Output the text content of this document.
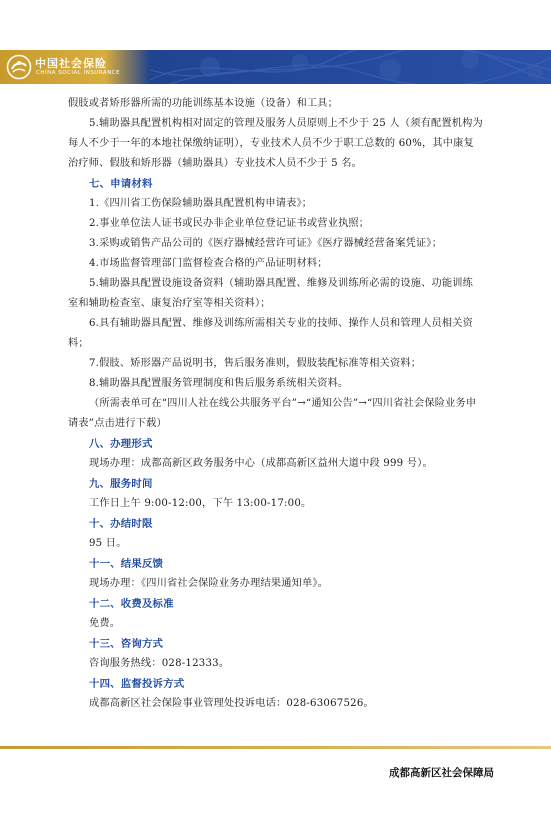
中国社会保险
CHINA SOCIAL INSURANCE

假肢或者矫形器所需的功能训练基本设施（设备）和工具；

5.辅助器具配置机构相对固定的管理及服务人员原则上不少于 25 人（须有配置机构为每人不少于一年的本地社保缴纳证明），专业技术人员不少于职工总数的 60%，其中康复治疗师、假肢和矫形器（辅助器具）专业技术人员不少于 5 名。

七、申请材料

1.《四川省工伤保险辅助器具配置机构申请表》；

2.事业单位法人证书或民办非企业单位登记证书或营业执照；

3.采购或销售产品公司的《医疗器械经营许可证》《医疗器械经营备案凭证》；

4.市场监督管理部门监督检查合格的产品证明材料；

5.辅助器具配置设施设备资料（辅助器具配置、维修及训练所必需的设施、功能训练室和辅助检查室、康复治疗室等相关资料）；

6.具有辅助器具配置、维修及训练所需相关专业的技师、操作人员和管理人员相关资料；

7.假肢、矫形器产品说明书，售后服务准则，假肢装配标准等相关资料；

8.辅助器具配置服务管理制度和售后服务系统相关资料。

（所需表单可在“四川人社在线公共服务平台”→“通知公告”→“四川省社会保险业务申请表”点击进行下载）

八、办理形式

现场办理：成都高新区政务服务中心（成都高新区益州大道中段 999 号）。

九、服务时间

工作日上午 9:00-12:00，下午 13:00-17:00。

十、办结时限

95 日。

十一、结果反馈

现场办理：《四川省社会保险业务办理结果通知单》。

十二、收费及标准

免费。

十三、咨询方式

咨询服务热线：028-12333。

十四、监督投诉方式

成都高新区社会保险事业管理处投诉电话：028-63067526。

成都高新区社会保障局
